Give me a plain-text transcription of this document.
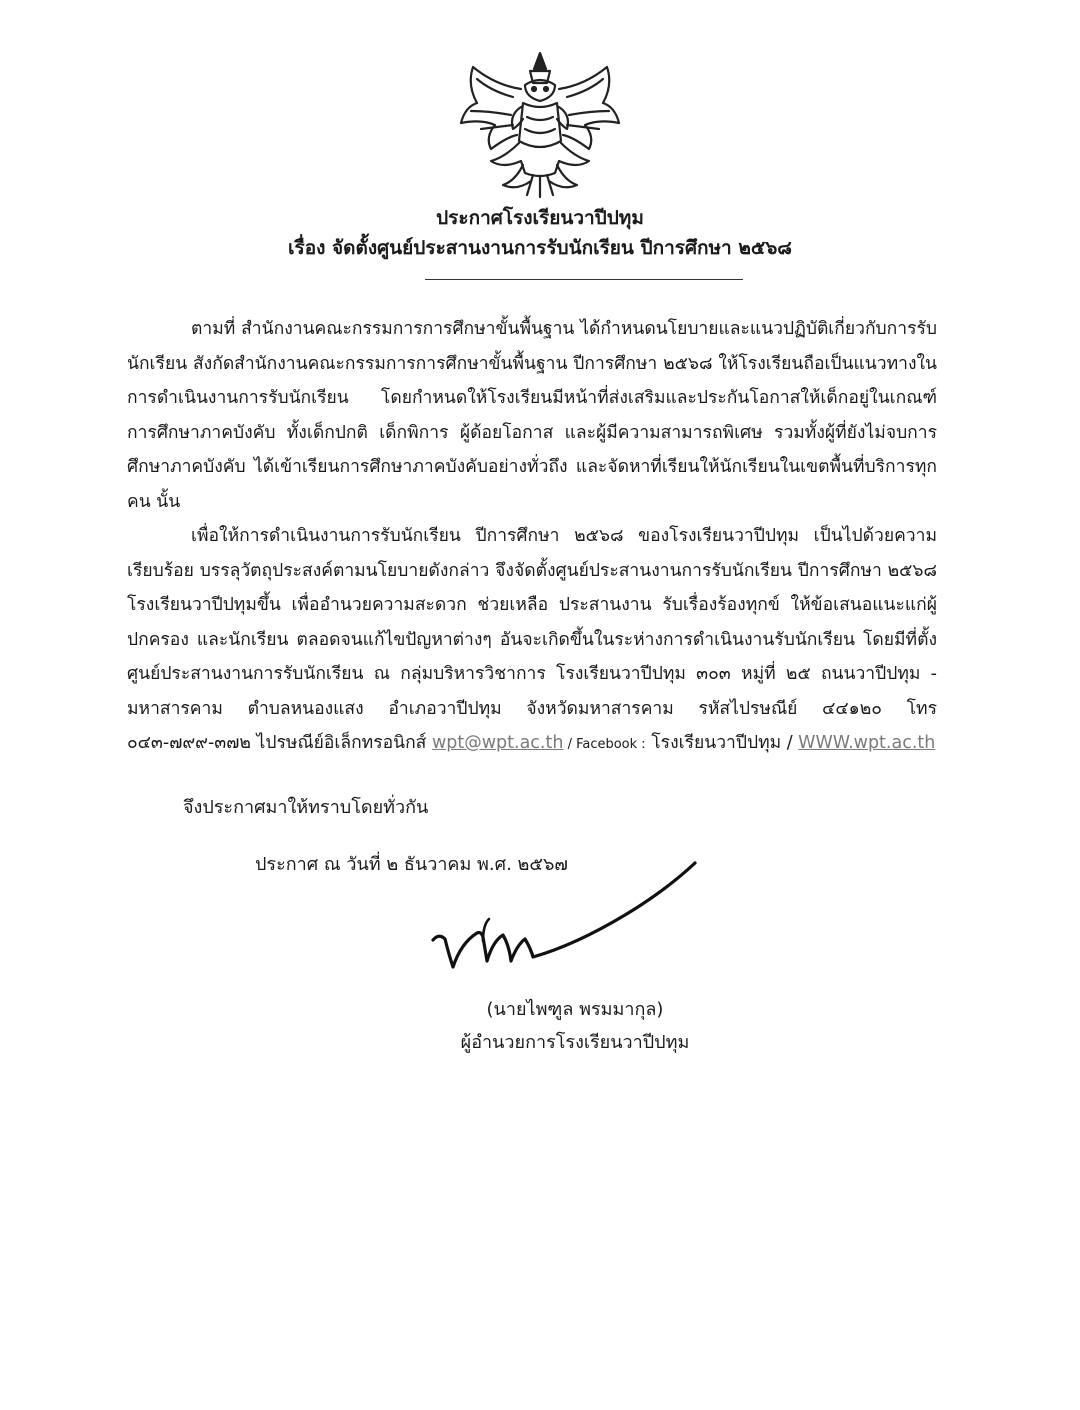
ประกาศโรงเรียนวาปีปทุม
เรื่อง จัดตั้งศูนย์ประสานงานการรับนักเรียน ปีการศึกษา ๒๕๖๘

ตามที่ สำนักงานคณะกรรมการการศึกษาขั้นพื้นฐาน ได้กำหนดนโยบายและแนวปฏิบัติเกี่ยวกับการรับนักเรียน สังกัดสำนักงานคณะกรรมการการศึกษาขั้นพื้นฐาน ปีการศึกษา ๒๕๖๘ ให้โรงเรียนถือเป็นแนวทางในการดำเนินงานการรับนักเรียน โดยกำหนดให้โรงเรียนมีหน้าที่ส่งเสริมและประกันโอกาสให้เด็กอยู่ในเกณฑ์การศึกษาภาคบังคับ ทั้งเด็กปกติ เด็กพิการ ผู้ด้อยโอกาส และผู้มีความสามารถพิเศษ รวมทั้งผู้ที่ยังไม่จบการศึกษาภาคบังคับ ได้เข้าเรียนการศึกษาภาคบังคับอย่างทั่วถึง และจัดหาที่เรียนให้นักเรียนในเขตพื้นที่บริการทุกคน นั้น

เพื่อให้การดำเนินงานการรับนักเรียน ปีการศึกษา ๒๕๖๘ ของโรงเรียนวาปีปทุม เป็นไปด้วยความเรียบร้อย บรรลุวัตถุประสงค์ตามนโยบายดังกล่าว จึงจัดตั้งศูนย์ประสานงานการรับนักเรียน ปีการศึกษา ๒๕๖๘ โรงเรียนวาปีปทุมขึ้น เพื่ออำนวยความสะดวก ช่วยเหลือ ประสานงาน รับเรื่องร้องทุกข์ ให้ข้อเสนอแนะแก่ผู้ปกครอง และนักเรียน ตลอดจนแก้ไขปัญหาต่างๆ อันจะเกิดขึ้นในระห่างการดำเนินงานรับนักเรียน โดยมีที่ตั้งศูนย์ประสานงานการรับนักเรียน ณ กลุ่มบริหารวิชาการ โรงเรียนวาปีปทุม ๓๐๓ หมู่ที่ ๒๕ ถนนวาปีปทุม - มหาสารคาม ตำบลหนองแสง อำเภอวาปีปทุม จังหวัดมหาสารคาม รหัสไปรษณีย์ ๔๔๑๒๐ โทร ๐๔๓-๗๙๙-๓๗๒ ไปรษณีย์อิเล็กทรอนิกส์ wpt@wpt.ac.th / Facebook : โรงเรียนวาปีปทุม / WWW.wpt.ac.th

จึงประกาศมาให้ทราบโดยทั่วกัน
ประกาศ ณ วันที่ ๒ ธันวาคม พ.ศ. ๒๕๖๗
(นายไพฑูล พรมมากุล)
ผู้อำนวยการโรงเรียนวาปีปทุม
